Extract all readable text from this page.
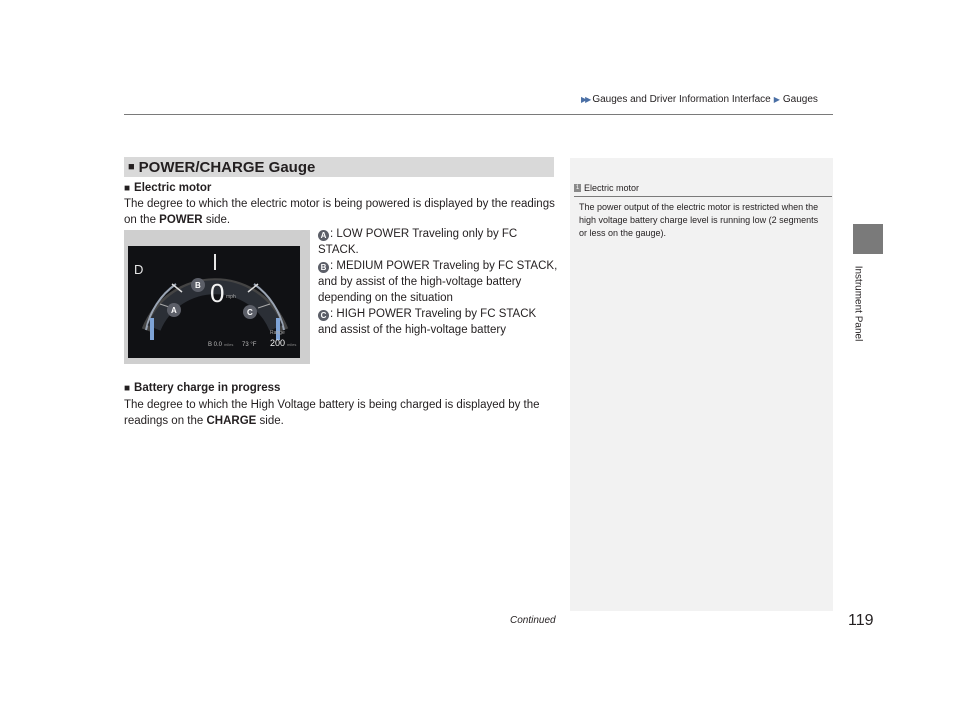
▶▶ Gauges and Driver Information Interface ▶ Gauges
Instrument Panel
■ POWER/CHARGE Gauge
■ Electric motor
The degree to which the electric motor is being powered is displayed by the readings on the POWER side.
D
0 mph
B
A	C
B 0.0 miles 73 °F
Range
200 miles
A : LOW POWER Traveling only by FC STACK.
B : MEDIUM POWER Traveling by FC STACK, and by assist of the high-voltage battery depending on the situation
C : HIGH POWER Traveling by FC STACK and assist of the high-voltage battery
■ Battery charge in progress
The degree to which the High Voltage battery is being charged is displayed by the readings on the CHARGE side.
1 Electric motor
The power output of the electric motor is restricted when the high voltage battery charge level is running low (2 segments or less on the gauge).
Continued	119
